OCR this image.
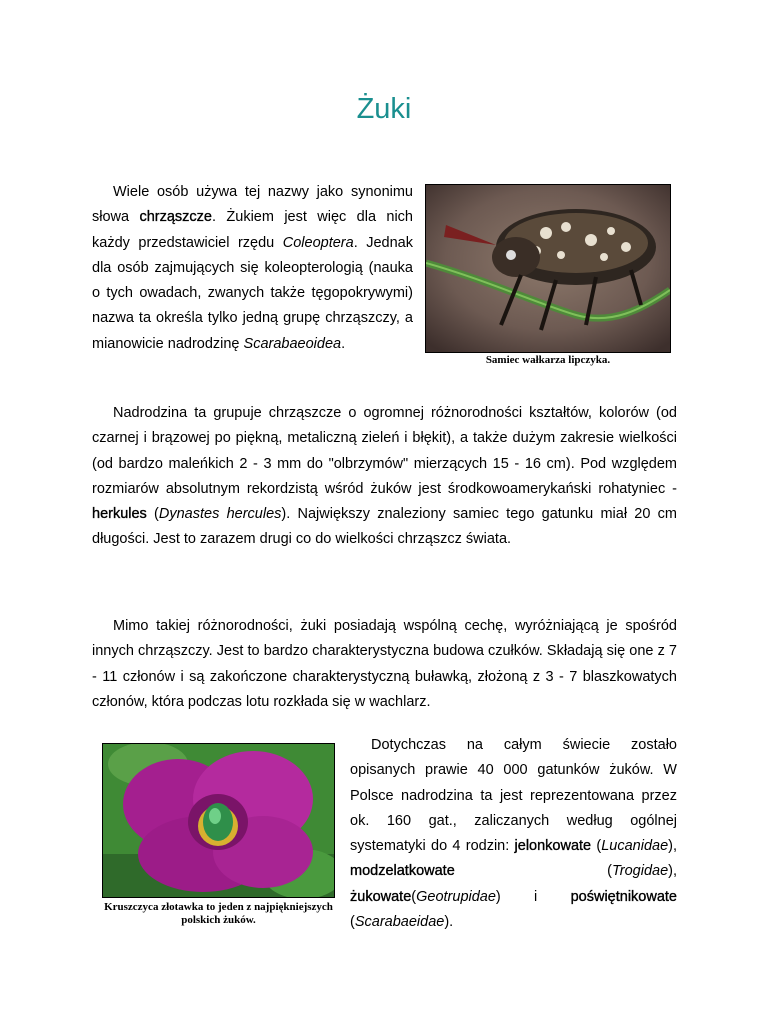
Żuki

Wiele osób używa tej nazwy jako synonimu słowa chrząszcze. Żukiem jest więc dla nich każdy przedstawiciel rzędu Coleoptera. Jednak dla osób zajmujących się koleopterologią (nauka o tych owadach, zwanych także tęgopokrywymi) nazwa ta określa tylko jedną grupę chrząszczy, a mianowicie nadrodzinę Scarabaeoidea.

Samiec wałkarza lipczyka.

Nadrodzina ta grupuje chrząszcze o ogromnej różnorodności kształtów, kolorów (od czarnej i brązowej po piękną, metaliczną zieleń i błękit), a także dużym zakresie wielkości (od bardzo maleńkich 2 - 3 mm do "olbrzymów" mierzących 15 - 16 cm). Pod względem rozmiarów absolutnym rekordzistą wśród żuków jest środkowoamerykański rohatyniec - herkules (Dynastes hercules). Największy znaleziony samiec tego gatunku miał 20 cm długości. Jest to zarazem drugi co do wielkości chrząszcz świata.

Mimo takiej różnorodności, żuki posiadają wspólną cechę, wyróżniającą je spośród innych chrząszczy. Jest to bardzo charakterystyczna budowa czułków. Składają się one z 7 - 11 członów i są zakończone charakterystyczną buławką, złożoną z 3 - 7 blaszkowatych członów, która podczas lotu rozkłada się w wachlarz.

Kruszczyca złotawka to jeden z najpiękniejszych polskich żuków.

Dotychczas na całym świecie zostało opisanych prawie 40 000 gatunków żuków. W Polsce nadrodzina ta jest reprezentowana przez ok. 160 gat., zaliczanych według ogólnej systematyki do 4 rodzin: jelonkowate (Lucanidae), modzelatkowate (Trogidae), żukowate(Geotrupidae) i poświętnikowate (Scarabaeidae).
